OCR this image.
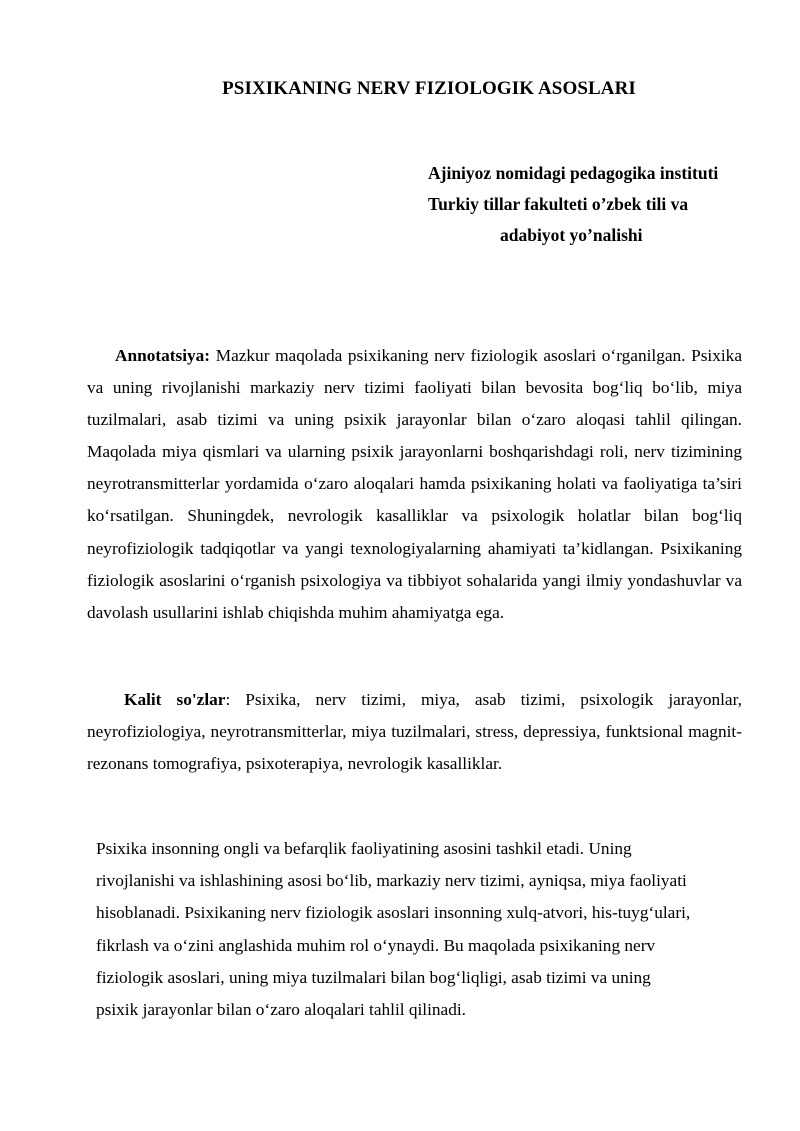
PSIXIKANING NERV FIZIOLOGIK ASOSLARI
Ajiniyoz nomidagi pedagogika instituti
Turkiy tillar fakulteti o’zbek tili va
adabiyot yo’nalishi

Annotatsiya: Mazkur maqolada psixikaning nerv fiziologik asoslari o‘rganilgan. Psixika va uning rivojlanishi markaziy nerv tizimi faoliyati bilan bevosita bog‘liq bo‘lib, miya tuzilmalari, asab tizimi va uning psixik jarayonlar bilan o‘zaro aloqasi tahlil qilingan. Maqolada miya qismlari va ularning psixik jarayonlarni boshqarishdagi roli, nerv tizimining neyrotransmitterlar yordamida o‘zaro aloqalari hamda psixikaning holati va faoliyatiga ta’siri ko‘rsatilgan. Shuningdek, nevrologik kasalliklar va psixologik holatlar bilan bog‘liq neyrofiziologik tadqiqotlar va yangi texnologiyalarning ahamiyati ta’kidlangan. Psixikaning fiziologik asoslarini o‘rganish psixologiya va tibbiyot sohalarida yangi ilmiy yondashuvlar va davolash usullarini ishlab chiqishda muhim ahamiyatga ega.

Kalit so'zlar: Psixika, nerv tizimi, miya, asab tizimi, psixologik jarayonlar, neyrofiziologiya, neyrotransmitterlar, miya tuzilmalari, stress, depressiya, funktsional magnit-rezonans tomografiya, psixoterapiya, nevrologik kasalliklar.

Psixika insonning ongli va befarqlik faoliyatining asosini tashkil etadi. Uning
rivojlanishi va ishlashining asosi bo‘lib, markaziy nerv tizimi, ayniqsa, miya faoliyati
hisoblanadi. Psixikaning nerv fiziologik asoslari insonning xulq-atvori, his-tuyg‘ulari,
fikrlash va o‘zini anglashida muhim rol o‘ynaydi. Bu maqolada psixikaning nerv
fiziologik asoslari, uning miya tuzilmalari bilan bog‘liqligi, asab tizimi va uning
psixik jarayonlar bilan o‘zaro aloqalari tahlil qilinadi.
